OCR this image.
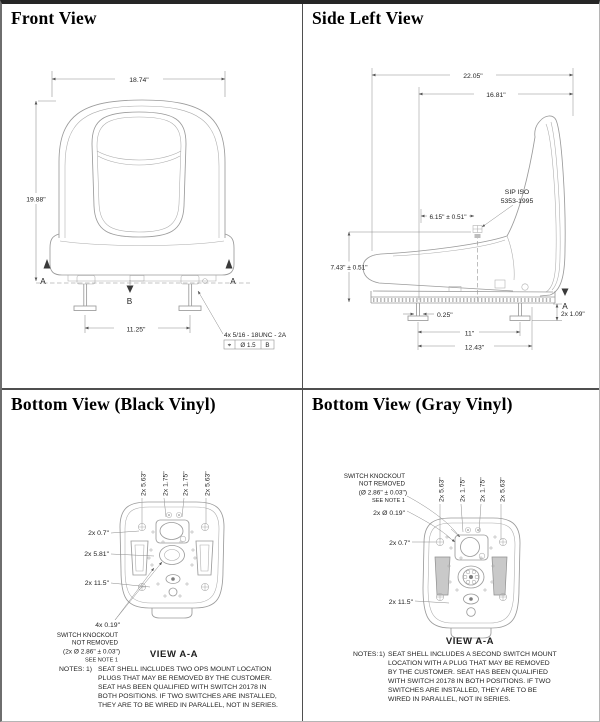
Front View
18.74"
19.88"
11.25"
4x 5/16 - 18UNC - 2A
⌖ Ø 1.5 B
A	A
B
Side Left View
22.05"
16.81"
SIP ISO
5353-1995
6.15" ± 0.51"
7.43" ± 0.51"
0.25"
11"
12.43"
2x 1.09"
A
Bottom View (Black Vinyl)
2x 5.63" 2x 1.75" 2x 1.75" 2x 5.63"
2x 0.7"
2x 5.81"
2x 11.5"
4x 0.19"
SWITCH KNOCKOUT
NOT REMOVED
(2x Ø 2.86" ± 0.03")
SEE NOTE 1
VIEW A-A
NOTES: 1) SEAT SHELL INCLUDES TWO OPS MOUNT LOCATION
PLUGS THAT MAY BE REMOVED BY THE CUSTOMER.
SEAT HAS BEEN QUALIFIED WITH SWITCH 20178 IN
BOTH POSITIONS. IF TWO SWITCHES ARE INSTALLED,
THEY ARE TO BE WIRED IN PARALLEL, NOT IN SERIES.
Bottom View (Gray Vinyl)
SWITCH KNOCKOUT
NOT REMOVED
(Ø 2.86" ± 0.03")
SEE NOTE 1
2x Ø 0.19"
2x 5.63" 2x 1.75" 2x 1.75" 2x 5.63"
2x 0.7"
2x 11.5"
VIEW A-A
NOTES: 1) SEAT SHELL INCLUDES A SECOND SWITCH MOUNT
LOCATION WITH A PLUG THAT MAY BE REMOVED
BY THE CUSTOMER. SEAT HAS BEEN QUALIFIED
WITH SWITCH 20178 IN BOTH POSITIONS. IF TWO
SWITCHES ARE INSTALLED, THEY ARE TO BE
WIRED IN PARALLEL, NOT IN SERIES.
